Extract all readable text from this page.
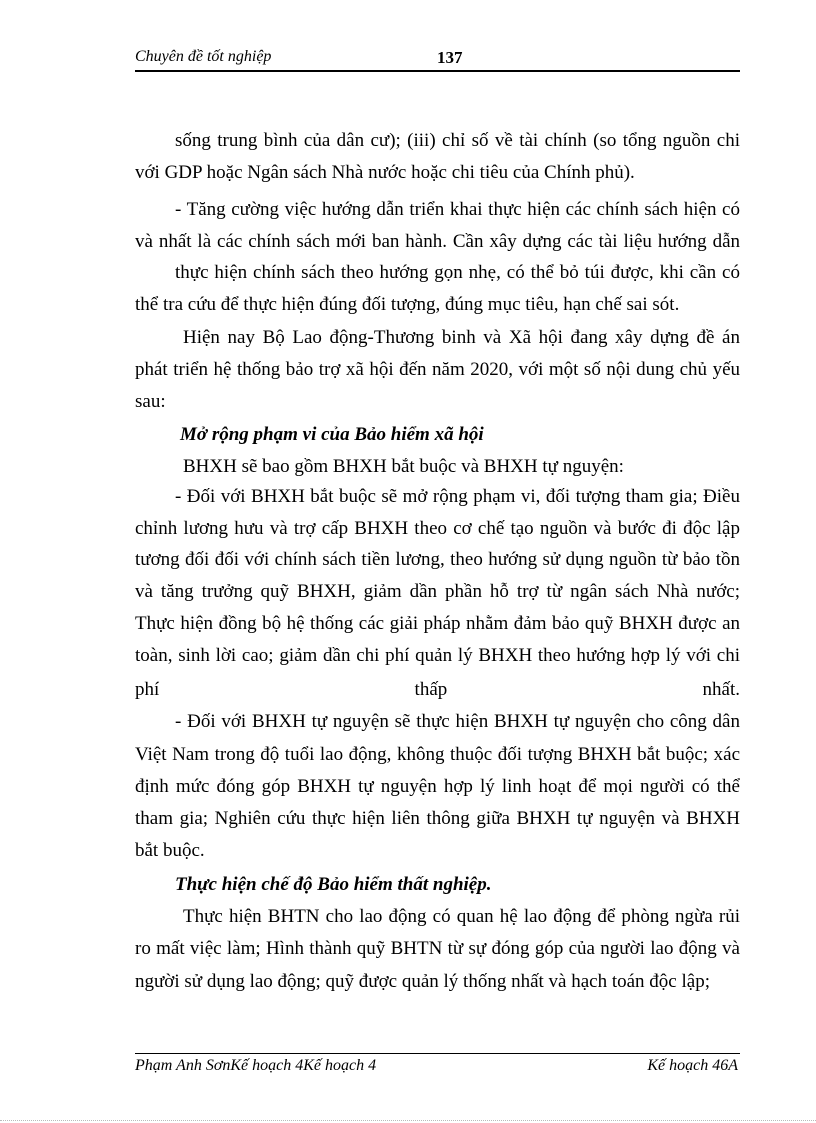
Chuyên đề tốt nghiệp	137
sống trung bình của dân cư); (iii) chỉ số về tài chính (so tổng nguồn chi
với GDP hoặc Ngân sách Nhà nước hoặc chi tiêu của Chính phủ).
- Tăng cường việc hướng dẫn triển khai thực hiện các chính sách hiện có
và nhất là các chính sách mới ban hành. Cần xây dựng các tài liệu hướng dẫn
thực hiện chính sách theo hướng gọn nhẹ, có thể bỏ túi được, khi cần có
thể tra cứu để thực hiện đúng đối tượng, đúng mục tiêu, hạn chế sai sót.
Hiện nay Bộ Lao động-Thương binh và Xã hội đang xây dựng đề án
phát triển hệ thống bảo trợ xã hội đến năm 2020, với một số nội dung chủ yếu
sau:
Mở rộng phạm vi của Bảo hiểm xã hội
BHXH sẽ bao gồm BHXH bắt buộc và BHXH tự nguyện:
- Đối với BHXH bắt buộc sẽ mở rộng phạm vi, đối tượng tham gia; Điều
chỉnh lương hưu và trợ cấp BHXH theo cơ chế tạo nguồn và bước đi độc lập
tương đối đối với chính sách tiền lương, theo hướng sử dụng nguồn từ bảo tồn
và tăng trưởng quỹ BHXH, giảm dần phần hỗ trợ từ ngân sách Nhà nước;
Thực hiện đồng bộ hệ thống các giải pháp nhằm đảm bảo quỹ BHXH được an
toàn, sinh lời cao; giảm dần chi phí quản lý BHXH theo hướng hợp lý với chi
phí thấp nhất.
- Đối với BHXH tự nguyện sẽ thực hiện BHXH tự nguyện cho công dân
Việt Nam trong độ tuổi lao động, không thuộc đối tượng BHXH bắt buộc; xác
định mức đóng góp BHXH tự nguyện hợp lý linh hoạt để mọi người có thể
tham gia; Nghiên cứu thực hiện liên thông giữa BHXH tự nguyện và BHXH
bắt buộc.
Thực hiện chế độ Bảo hiểm thất nghiệp.
Thực hiện BHTN cho lao động có quan hệ lao động để phòng ngừa rủi
ro mất việc làm; Hình thành quỹ BHTN từ sự đóng góp của người lao động và
người sử dụng lao động; quỹ được quản lý thống nhất và hạch toán độc lập;
Phạm Anh SơnKế hoạch 4Kế hoạch 4	Kế hoạch 46A
